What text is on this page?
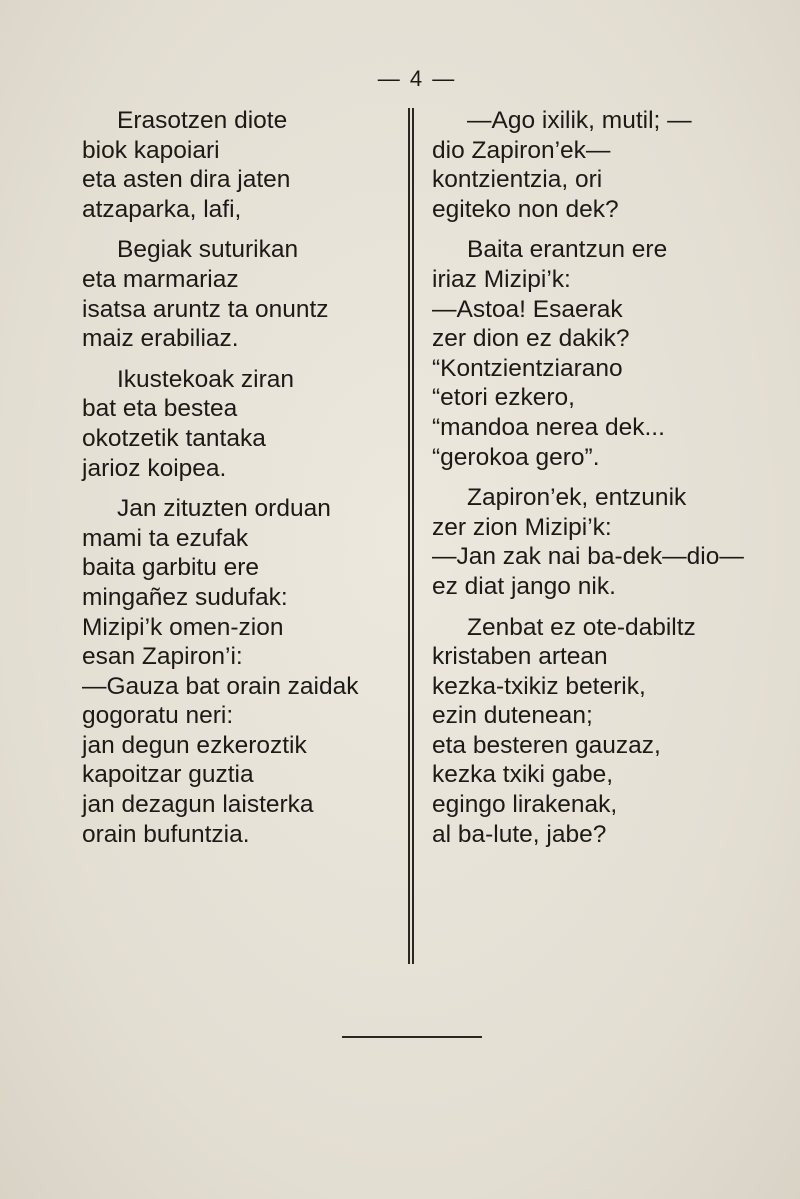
— 4 —
Erasotzen diote
biok kapoiari
eta asten dira jaten
atzaparka, lafi,
Begiak suturikan
eta marmariaz
isatsa aruntz ta onuntz
maiz erabiliaz.
Ikustekoak ziran
bat eta bestea
okotzetik tantaka
jarioz koipea.
Jan zituzten orduan
mami ta ezufak
baita garbitu ere
mingañez sudufak:
Mizipi’k omen-zion
esan Zapiron’i:
—Gauza bat orain zaidak
gogoratu neri:
jan degun ezkeroztik
kapoitzar guztia
jan dezagun laisterka
orain bufuntzia.
—Ago ixilik, mutil; —
dio Zapiron’ek—
kontzientzia, ori
egiteko non dek?
Baita erantzun ere
iriaz Mizipi’k:
—Astoa! Esaerak
zer dion ez dakik?
“Kontzientziarano
“etori ezkero,
“mandoa nerea dek...
“gerokoa gero”.
Zapiron’ek, entzunik
zer zion Mizipi’k:
—Jan zak nai ba-dek—dio—
ez diat jango nik.
Zenbat ez ote-dabiltz
kristaben artean
kezka-txikiz beterik,
ezin dutenean;
eta besteren gauzaz,
kezka txiki gabe,
egingo lirakenak,
al ba-lute, jabe?
